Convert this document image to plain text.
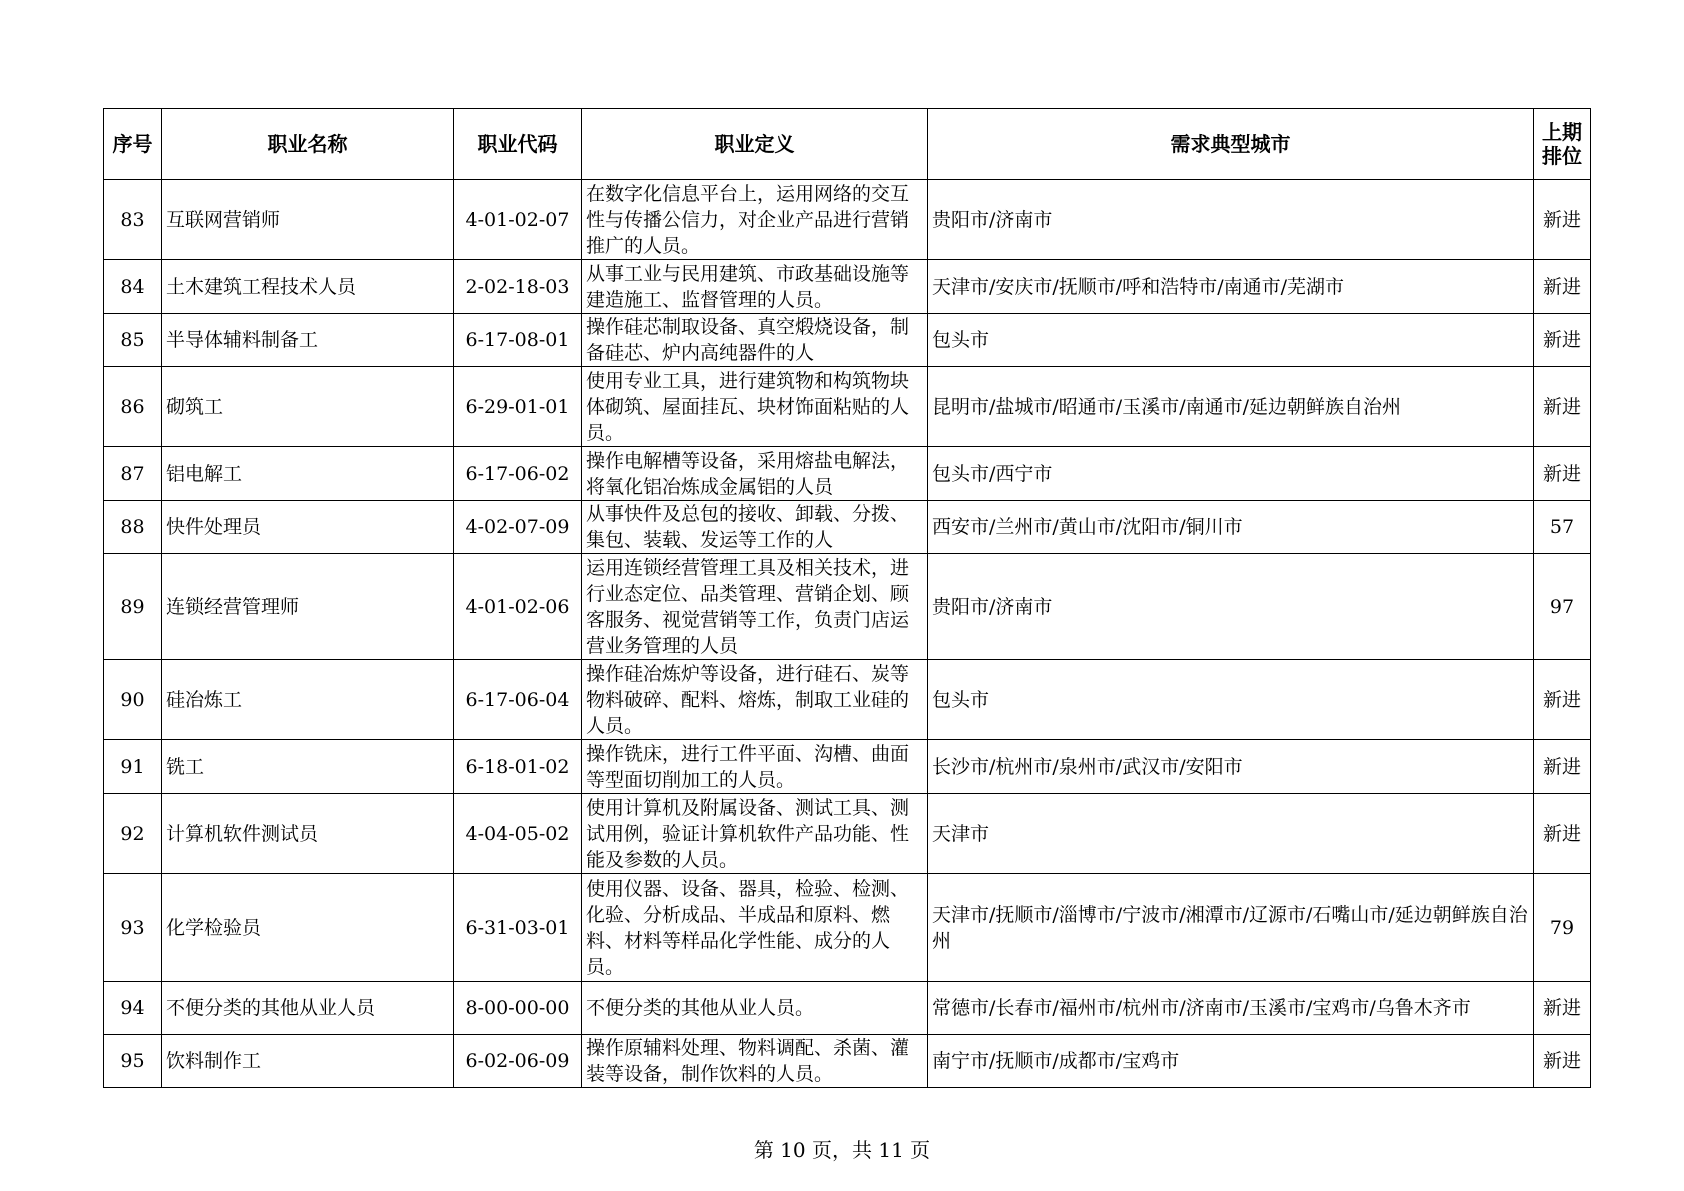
序号	职业名称	职业代码	职业定义	需求典型城市	上期排位
83	互联网营销师	4-01-02-07	在数字化信息平台上，运用网络的交互性与传播公信力，对企业产品进行营销推广的人员。	贵阳市/济南市	新进
84	土木建筑工程技术人员	2-02-18-03	从事工业与民用建筑、市政基础设施等建造施工、监督管理的人员。	天津市/安庆市/抚顺市/呼和浩特市/南通市/芜湖市	新进
85	半导体辅料制备工	6-17-08-01	操作硅芯制取设备、真空煅烧设备，制备硅芯、炉内高纯器件的人	包头市	新进
86	砌筑工	6-29-01-01	使用专业工具，进行建筑物和构筑物块体砌筑、屋面挂瓦、块材饰面粘贴的人员。	昆明市/盐城市/昭通市/玉溪市/南通市/延边朝鲜族自治州	新进
87	铝电解工	6-17-06-02	操作电解槽等设备，采用熔盐电解法，将氧化铝冶炼成金属铝的人员	包头市/西宁市	新进
88	快件处理员	4-02-07-09	从事快件及总包的接收、卸载、分拨、集包、装载、发运等工作的人	西安市/兰州市/黄山市/沈阳市/铜川市	57
89	连锁经营管理师	4-01-02-06	运用连锁经营管理工具及相关技术，进行业态定位、品类管理、营销企划、顾客服务、视觉营销等工作，负责门店运营业务管理的人员	贵阳市/济南市	97
90	硅冶炼工	6-17-06-04	操作硅冶炼炉等设备，进行硅石、炭等物料破碎、配料、熔炼，制取工业硅的人员。	包头市	新进
91	铣工	6-18-01-02	操作铣床，进行工件平面、沟槽、曲面等型面切削加工的人员。	长沙市/杭州市/泉州市/武汉市/安阳市	新进
92	计算机软件测试员	4-04-05-02	使用计算机及附属设备、测试工具、测试用例，验证计算机软件产品功能、性能及参数的人员。	天津市	新进
93	化学检验员	6-31-03-01	使用仪器、设备、器具，检验、检测、化验、分析成品、半成品和原料、燃料、材料等样品化学性能、成分的人员。	天津市/抚顺市/淄博市/宁波市/湘潭市/辽源市/石嘴山市/延边朝鲜族自治州	79
94	不便分类的其他从业人员	8-00-00-00	不便分类的其他从业人员。	常德市/长春市/福州市/杭州市/济南市/玉溪市/宝鸡市/乌鲁木齐市	新进
95	饮料制作工	6-02-06-09	操作原辅料处理、物料调配、杀菌、灌装等设备，制作饮料的人员。	南宁市/抚顺市/成都市/宝鸡市	新进
第 10 页，共 11 页
